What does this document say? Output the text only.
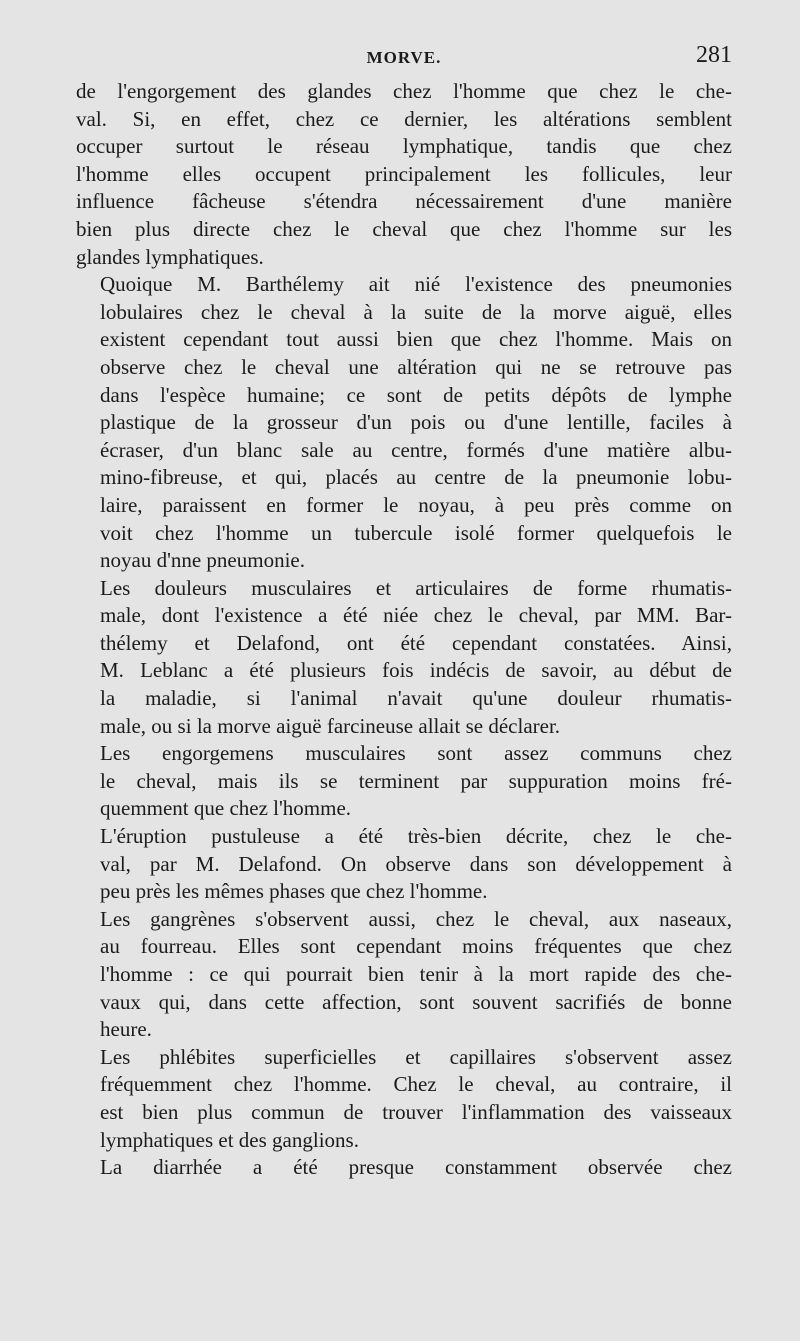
MORVE.	281
de l'engorgement des glandes chez l'homme que chez le che-
val. Si, en effet, chez ce dernier, les altérations semblent
occuper surtout le réseau lymphatique, tandis que chez
l'homme elles occupent principalement les follicules, leur
influence fâcheuse s'étendra nécessairement d'une manière
bien plus directe chez le cheval que chez l'homme sur les
glandes lymphatiques.
Quoique M. Barthélemy ait nié l'existence des pneumonies
lobulaires chez le cheval à la suite de la morve aiguë, elles
existent cependant tout aussi bien que chez l'homme. Mais on
observe chez le cheval une altération qui ne se retrouve pas
dans l'espèce humaine; ce sont de petits dépôts de lymphe
plastique de la grosseur d'un pois ou d'une lentille, faciles à
écraser, d'un blanc sale au centre, formés d'une matière albu-
mino-fibreuse, et qui, placés au centre de la pneumonie lobu-
laire, paraissent en former le noyau, à peu près comme on
voit chez l'homme un tubercule isolé former quelquefois le
noyau d'nne pneumonie.
Les douleurs musculaires et articulaires de forme rhumatis-
male, dont l'existence a été niée chez le cheval, par MM. Bar-
thélemy et Delafond, ont été cependant constatées. Ainsi,
M. Leblanc a été plusieurs fois indécis de savoir, au début de
la maladie, si l'animal n'avait qu'une douleur rhumatis-
male, ou si la morve aiguë farcineuse allait se déclarer.
Les engorgemens musculaires sont assez communs chez
le cheval, mais ils se terminent par suppuration moins fré-
quemment que chez l'homme.
L'éruption pustuleuse a été très-bien décrite, chez le che-
val, par M. Delafond. On observe dans son développement à
peu près les mêmes phases que chez l'homme.
Les gangrènes s'observent aussi, chez le cheval, aux naseaux,
au fourreau. Elles sont cependant moins fréquentes que chez
l'homme : ce qui pourrait bien tenir à la mort rapide des che-
vaux qui, dans cette affection, sont souvent sacrifiés de bonne
heure.
Les phlébites superficielles et capillaires s'observent assez
fréquemment chez l'homme. Chez le cheval, au contraire, il
est bien plus commun de trouver l'inflammation des vaisseaux
lymphatiques et des ganglions.
La diarrhée a été presque constamment observée chez
